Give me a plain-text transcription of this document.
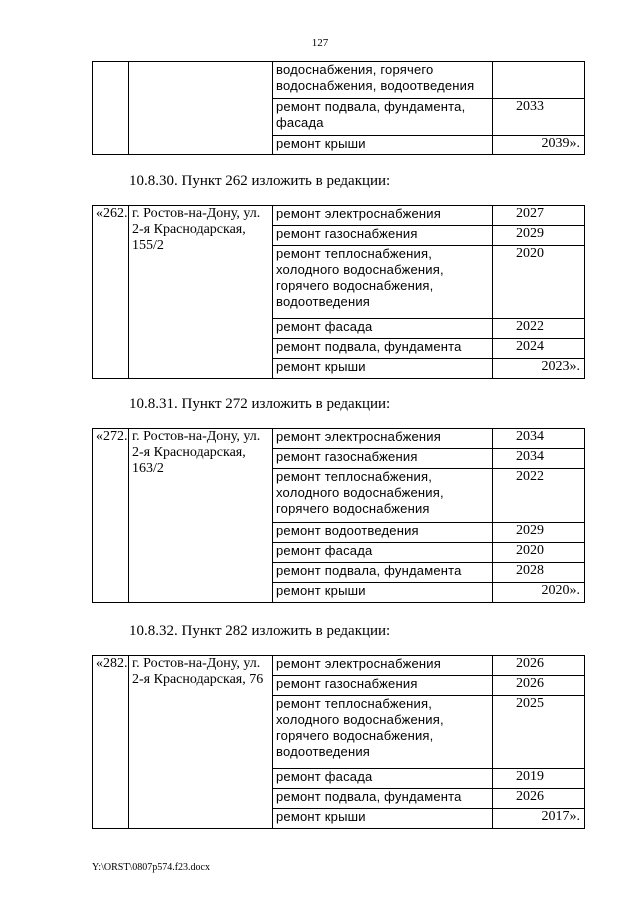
127
		водоснабжения, горячего водоснабжения, водоотведения	
		ремонт подвала, фундамента, фасада	2033
		ремонт крыши	2039».
10.8.30. Пункт 262 изложить в редакции:
«262.	г. Ростов-на-Дону, ул. 2-я Краснодарская, 155/2	ремонт электроснабжения	2027
		ремонт газоснабжения	2029
		ремонт теплоснабжения, холодного водоснабжения, горячего водоснабжения, водоотведения	2020
		ремонт фасада	2022
		ремонт подвала, фундамента	2024
		ремонт крыши	2023».
10.8.31. Пункт 272 изложить в редакции:
«272.	г. Ростов-на-Дону, ул. 2-я Краснодарская, 163/2	ремонт электроснабжения	2034
		ремонт газоснабжения	2034
		ремонт теплоснабжения, холодного водоснабжения, горячего водоснабжения	2022
		ремонт водоотведения	2029
		ремонт фасада	2020
		ремонт подвала, фундамента	2028
		ремонт крыши	2020».
10.8.32. Пункт 282 изложить в редакции:
«282.	г. Ростов-на-Дону, ул. 2-я Краснодарская, 76	ремонт электроснабжения	2026
		ремонт газоснабжения	2026
		ремонт теплоснабжения, холодного водоснабжения, горячего водоснабжения, водоотведения	2025
		ремонт фасада	2019
		ремонт подвала, фундамента	2026
		ремонт крыши	2017».
Y:\ORST\0807p574.f23.docx
